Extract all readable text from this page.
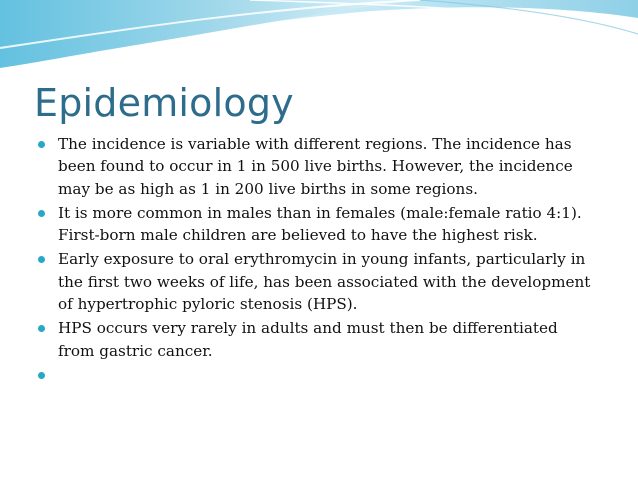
Epidemiology
The incidence is variable with different regions. The incidence has been found to occur in 1 in 500 live births. However, the incidence may be as high as 1 in 200 live births in some regions.
It is more common in males than in females (male:female ratio 4:1). First-born male children are believed to have the highest risk.
Early exposure to oral erythromycin in young infants, particularly in the first two weeks of life, has been associated with the development of hypertrophic pyloric stenosis (HPS).
HPS occurs very rarely in adults and must then be differentiated from gastric cancer.
